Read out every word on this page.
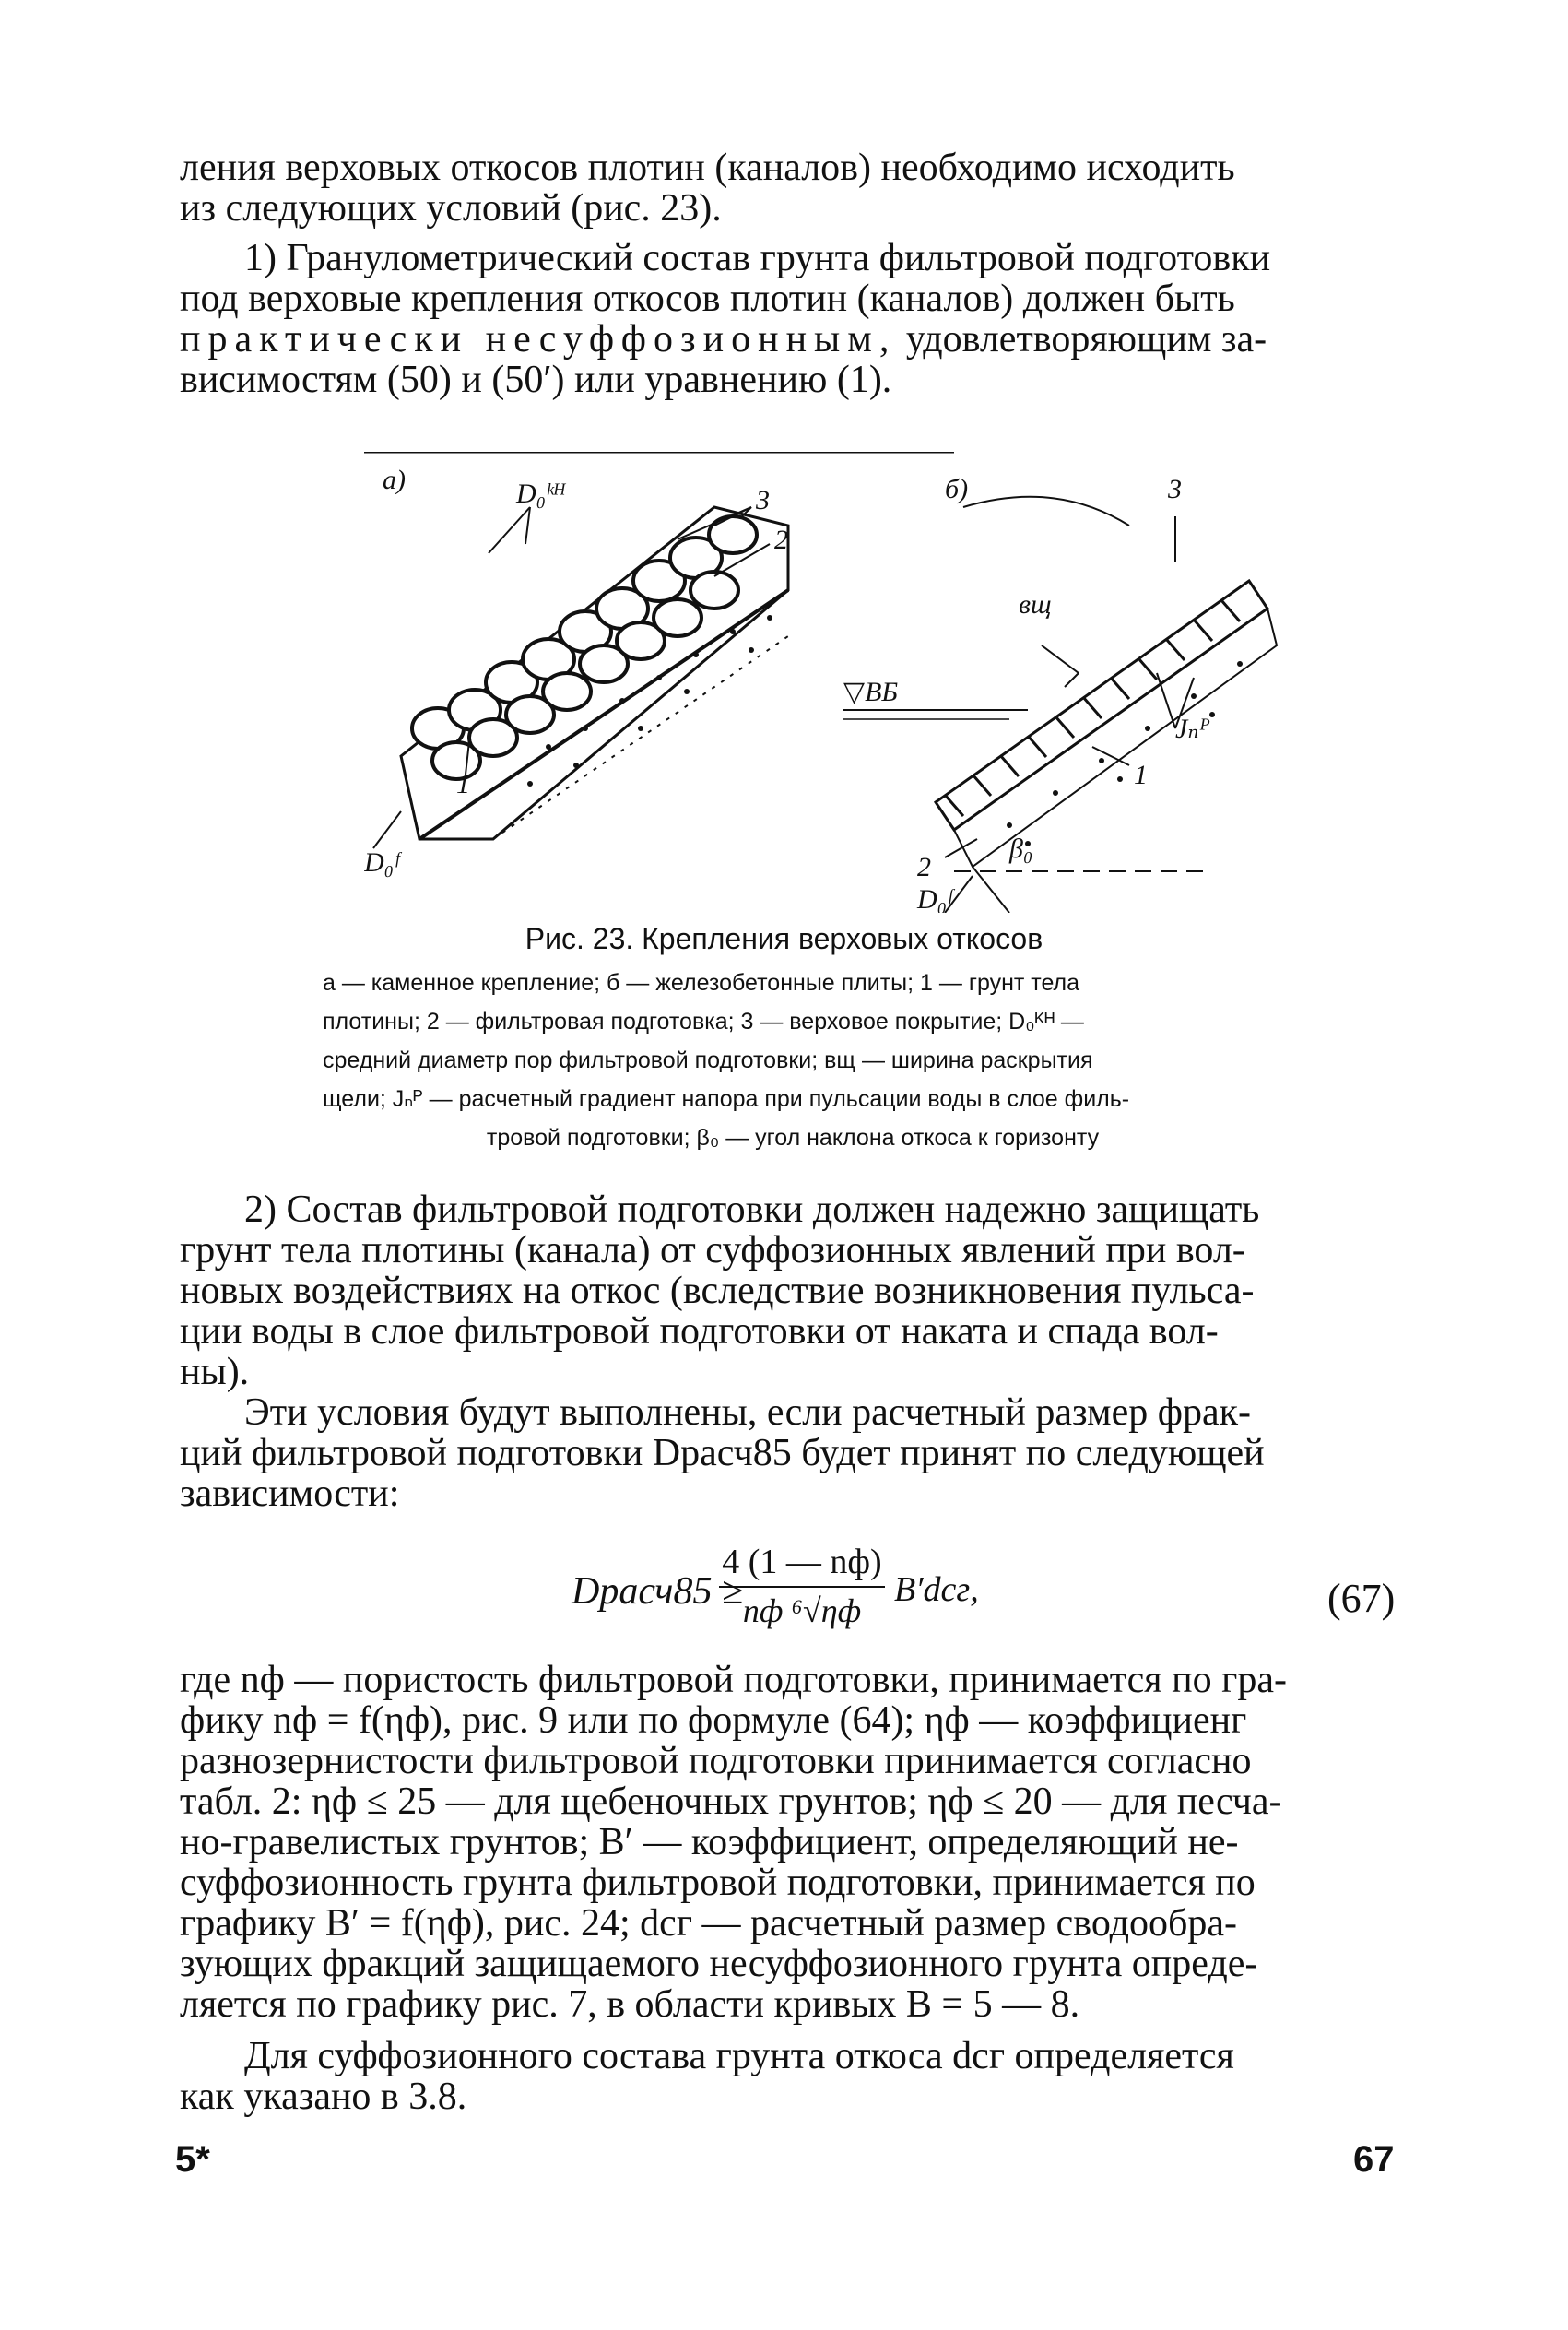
ления верховых откосов плотин (каналов) необходимо исходить
из следующих условий (рис. 23).

1) Гранулометрический состав грунта фильтровой подготовки
под верховые крепления откосов плотин (каналов) должен быть
практически несуффозионным, удовлетворяющим за-
висимостям (50) и (50′) или уравнению (1).

а)	D₀ᵏᴴ	3
2
1
D₀ᶠ
б)	3
вщ
▽ВБ
Jₙᴾ
1
2
β₀
D₀ᶠ
Рис. 23. Крепления верховых откосов
а — каменное крепление; б — железобетонные плиты; 1 — грунт тела
плотины; 2 — фильтровая подготовка; 3 — верховое покрытие; D₀ᴷᴴ —
средний диаметр пор фильтровой подготовки; вщ — ширина раскрытия
щели; Jₙᴾ — расчетный градиент напора при пульсации воды в слое филь-
тровой подготовки; β₀ — угол наклона откоса к горизонту

2) Состав фильтровой подготовки должен надежно защищать
грунт тела плотины (канала) от суффозионных явлений при вол-
новых воздействиях на откос (вследствие возникновения пульса-
ции воды в слое фильтровой подготовки от наката и спада вол-
ны).

Эти условия будут выполнены, если расчетный размер фрак-
ций фильтровой подготовки Dрасч85 будет принят по следующей
зависимости:

Dрасч85 ≥
4 (1 — nф)
nф ⁶√ηф
B′dсг,	(67)

где nф — пористость фильтровой подготовки, принимается по гра-
фику nф = f(ηф), рис. 9 или по формуле (64); ηф — коэффициенг
разнозернистости фильтровой подготовки принимается согласно
табл. 2: ηф ≤ 25 — для щебеночных грунтов; ηф ≤ 20 — для песча-
но-гравелистых грунтов; B′ — коэффициент, определяющий не-
суффозионность грунта фильтровой подготовки, принимается по
графику B′ = f(ηф), рис. 24; dсг — расчетный размер сводообра-
зующих фракций защищаемого несуффозионного грунта опреде-
ляется по графику рис. 7, в области кривых B = 5 — 8.

Для суффозионного состава грунта откоса dсг определяется
как указано в 3.8.

5*	67
